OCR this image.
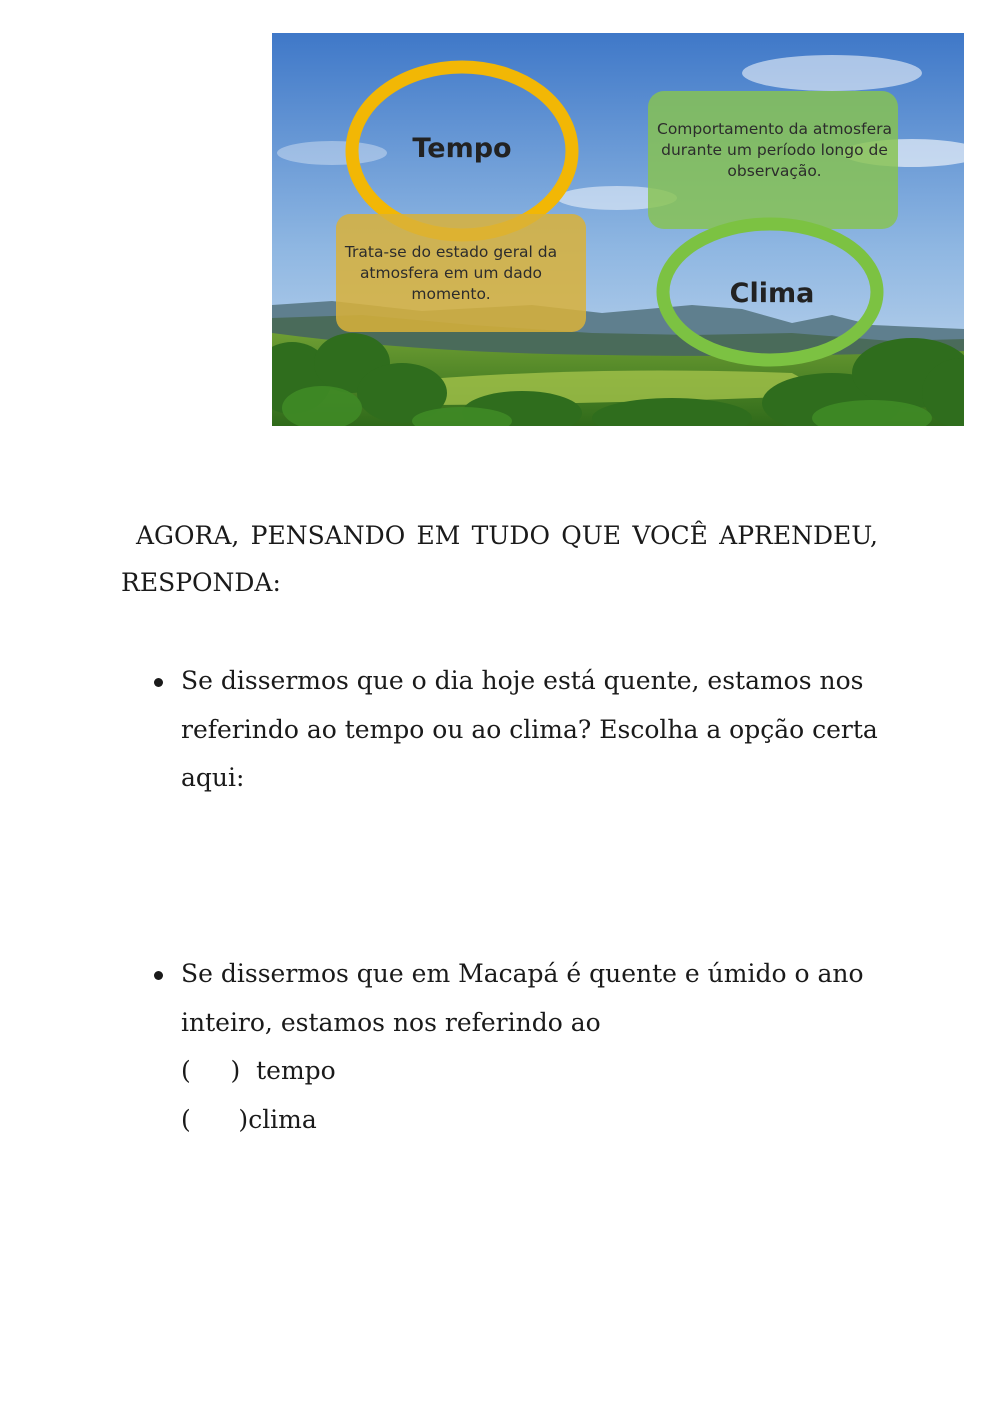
Tempo
Trata-se do estado geral da atmosfera em um dado momento.
Comportamento da atmosfera durante um período longo de observação.
Clima
AGORA, PENSANDO EM TUDO QUE VOCÊ APRENDEU, RESPONDA:
Se dissermos que o dia hoje está quente, estamos nos referindo ao tempo ou ao clima? Escolha a opção certa aqui:
Se dissermos que em Macapá é quente e úmido o ano inteiro, estamos nos referindo ao
(     )  tempo
(      )clima
